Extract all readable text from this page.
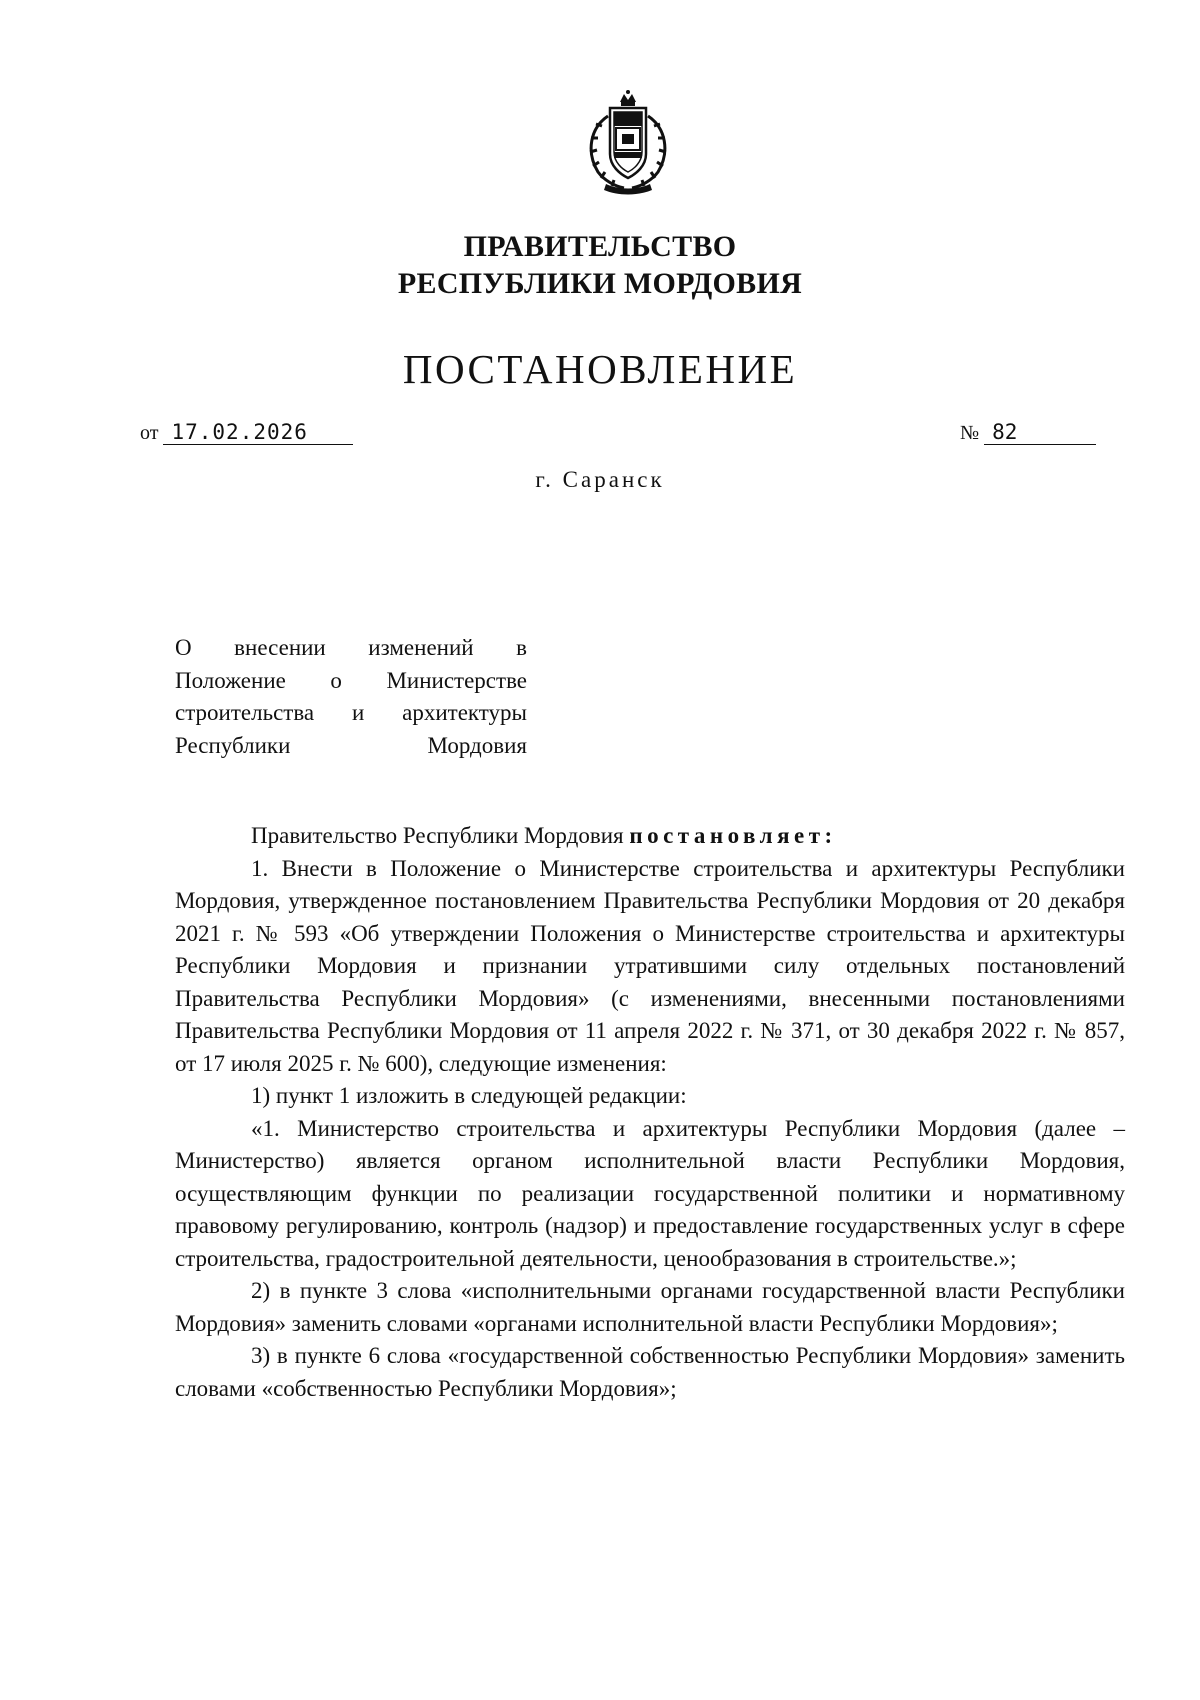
ПРАВИТЕЛЬСТВО
РЕСПУБЛИКИ МОРДОВИЯ
ПОСТАНОВЛЕНИЕ
от 17.02.2026	№ 82
г. Саранск
О внесении изменений в
Положение о Министерстве
строительства и архитектуры
Республики Мордовия

Правительство Республики Мордовия постановляет:

1. Внести в Положение о Министерстве строительства и архитектуры Республики Мордовия, утвержденное постановлением Правительства Республики Мордовия от 20 декабря 2021 г. № 593 «Об утверждении Положения о Министерстве строительства и архитектуры Республики Мордовия и признании утратившими силу отдельных постановлений Правительства Республики Мордовия» (с изменениями, внесенными постановлениями Правительства Республики Мордовия от 11 апреля 2022 г. № 371, от 30 декабря 2022 г. № 857, от 17 июля 2025 г. № 600), следующие изменения:

1) пункт 1 изложить в следующей редакции:

«1. Министерство строительства и архитектуры Республики Мордовия (далее – Министерство) является органом исполнительной власти Республики Мордовия, осуществляющим функции по реализации государственной политики и нормативному правовому регулированию, контроль (надзор) и предоставление государственных услуг в сфере строительства, градостроительной деятельности, ценообразования в строительстве.»;

2) в пункте 3 слова «исполнительными органами государственной власти Республики Мордовия» заменить словами «органами исполнительной власти Республики Мордовия»;

3) в пункте 6 слова «государственной собственностью Республики Мордовия» заменить словами «собственностью Республики Мордовия»;
